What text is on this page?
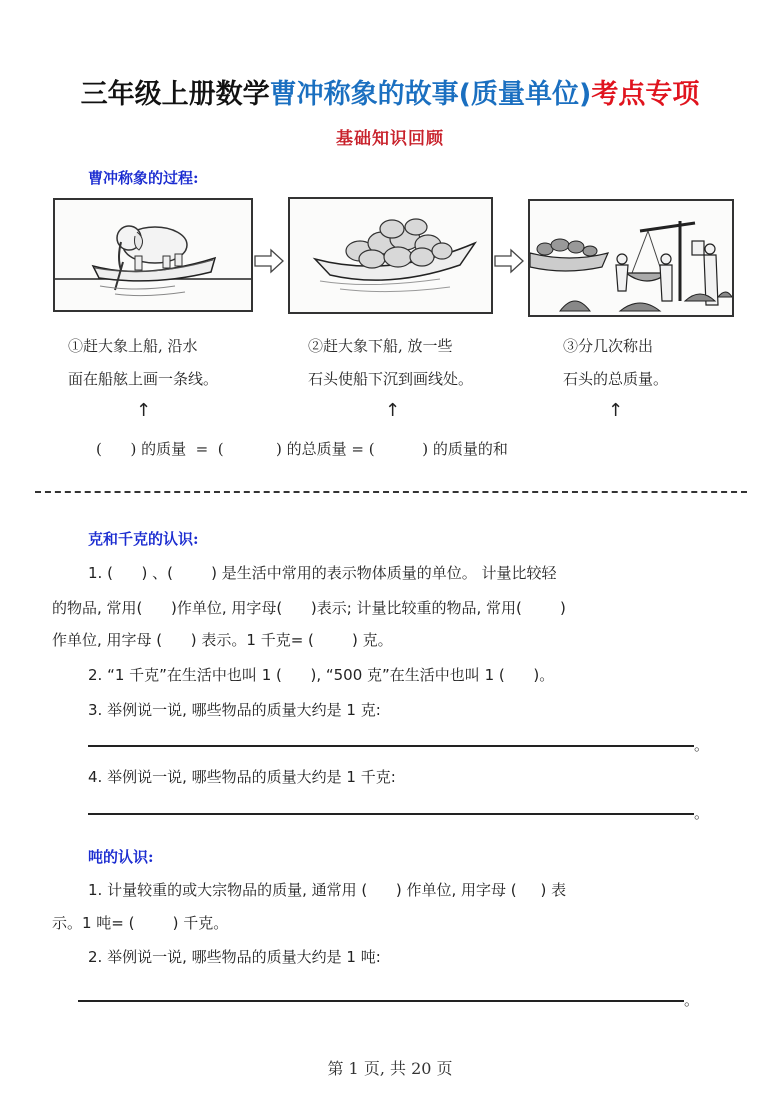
三年级上册数学曹冲称象的故事(质量单位)考点专项
基础知识回顾
曹冲称象的过程:
①赶大象上船, 沿水
面在船舷上画一条线。
②赶大象下船, 放一些
石头使船下沉到画线处。
③分几次称出
石头的总质量。
↑	↑	↑
(      ) 的质量  =  (           ) 的总质量 = (          ) 的质量的和
克和千克的认识:
1. (      ) 、(        ) 是生活中常用的表示物体质量的单位。 计量比较轻
的物品, 常用(      )作单位, 用字母(      )表示; 计量比较重的物品, 常用(        )
作单位, 用字母 (      ) 表示。1 千克= (        ) 克。
2. “1 千克”在生活中也叫 1 (      ), “500 克”在生活中也叫 1 (      )。
3. 举例说一说, 哪些物品的质量大约是 1 克:
。
4. 举例说一说, 哪些物品的质量大约是 1 千克:
。
吨的认识:
1. 计量较重的或大宗物品的质量, 通常用 (      ) 作单位, 用字母 (     ) 表
示。1 吨= (        ) 千克。
2. 举例说一说, 哪些物品的质量大约是 1 吨:
。
第 1 页, 共 20 页
